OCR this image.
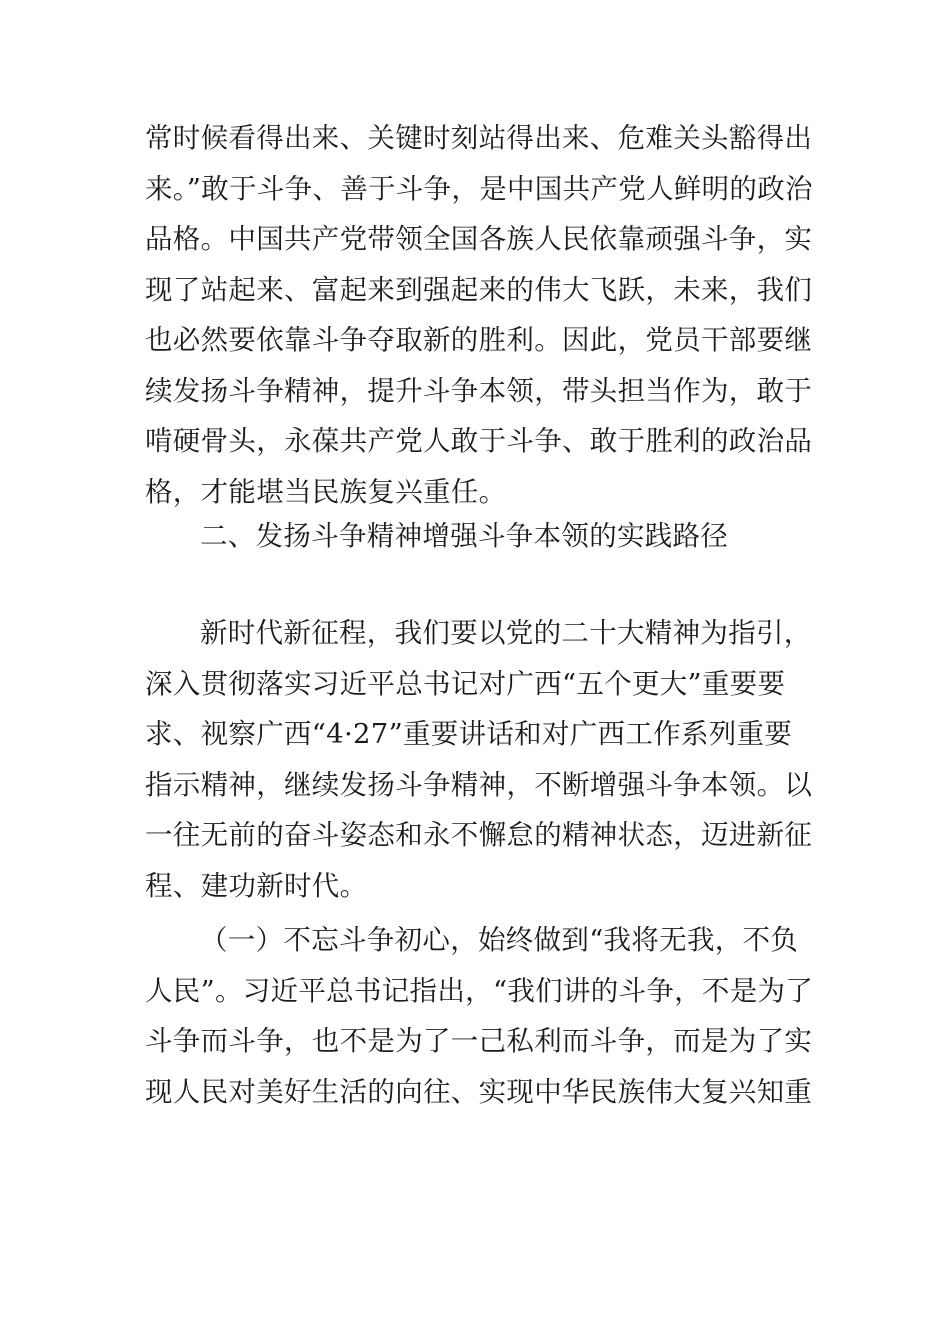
常时候看得出来、关键时刻站得出来、危难关头豁得出
来。”敢于斗争、善于斗争，是中国共产党人鲜明的政治
品格。中国共产党带领全国各族人民依靠顽强斗争，实
现了站起来、富起来到强起来的伟大飞跃，未来，我们
也必然要依靠斗争夺取新的胜利。因此，党员干部要继
续发扬斗争精神，提升斗争本领，带头担当作为，敢于
啃硬骨头，永葆共产党人敢于斗争、敢于胜利的政治品
格，才能堪当民族复兴重任。
二、发扬斗争精神增强斗争本领的实践路径
新时代新征程，我们要以党的二十大精神为指引，
深入贯彻落实习近平总书记对广西“五个更大”重要要
求、视察广西“4·27”重要讲话和对广西工作系列重要
指示精神，继续发扬斗争精神，不断增强斗争本领。以
一往无前的奋斗姿态和永不懈怠的精神状态，迈进新征
程、建功新时代。
（一）不忘斗争初心，始终做到“我将无我，不负
人民”。习近平总书记指出，“我们讲的斗争，不是为了
斗争而斗争，也不是为了一己私利而斗争，而是为了实
现人民对美好生活的向往、实现中华民族伟大复兴知重
